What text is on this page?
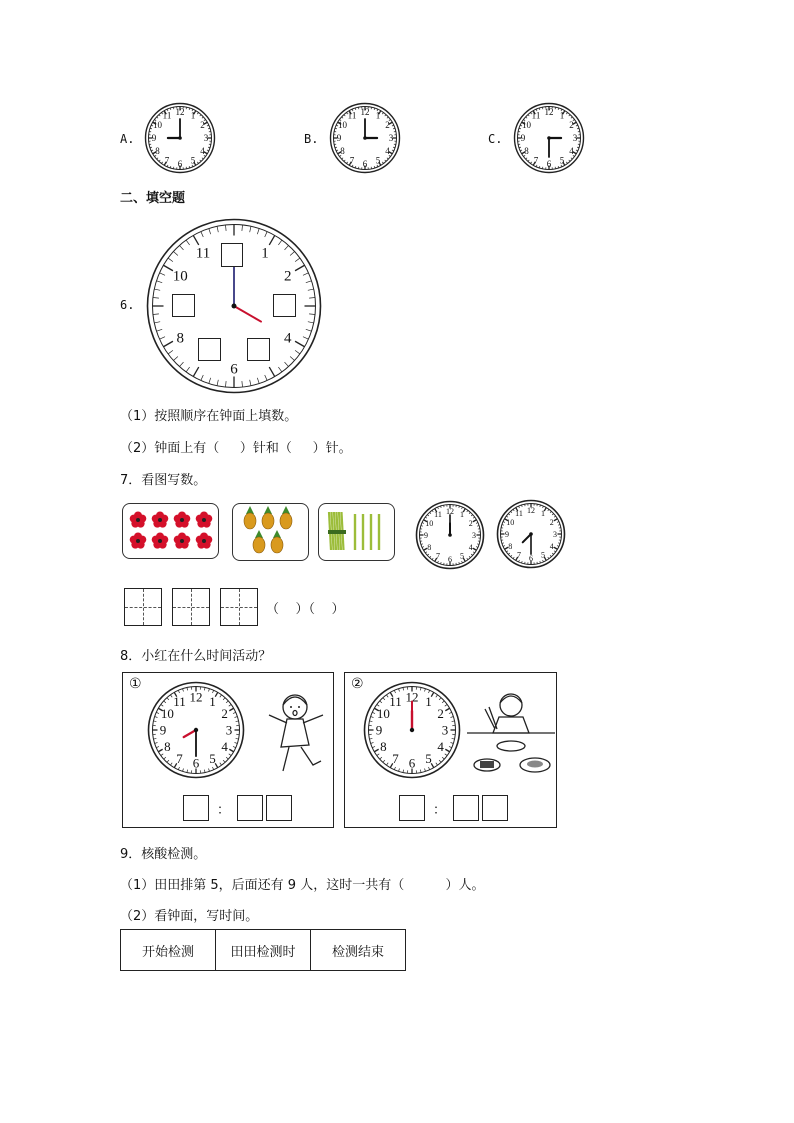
A.
12 1
2
3
4
5
6
7
8
9
10
11
B.
12 1
2
3
4
5
6
7
8
9
10
11
C.
12 1
2
3
4
5
6
7
8
9
10
11
二、填空题
6.
1
2
4
6
8
10
11
（1）按照顺序在钟面上填数。
（2）钟面上有（     ）针和（     ）针。
7．看图写数。
12 1
2
3
4
5
6
7
8
9
10
11	12 1
2
3
4
5
6
7
8
9
10
11
（    ）（    ）
8．小红在什么时间活动？
①
12 1
2
3
4
5
6
7
8
9
10
11
：
②
12 1
2
3
4
5
6
7
8
9
10
11
：
9．核酸检测。
（1）田田排第 5，后面还有 9 人，这时一共有（          ）人。
（2）看钟面，写时间。
开始检测	田田检测时	检测结束
